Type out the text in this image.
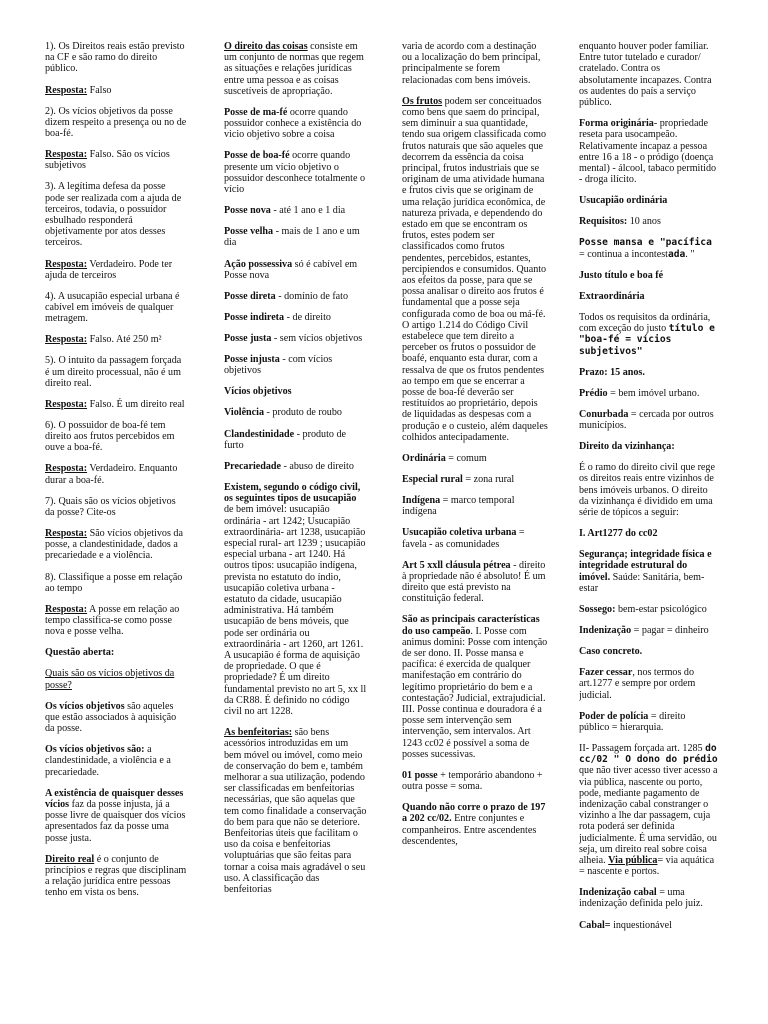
1). Os Direitos reais estão previsto na CF e são ramo do direito público.
Resposta: Falso
2). Os vícios objetivos da posse dizem respeito a presença ou no de boa-fé.
Resposta: Falso. São os vícios subjetivos
3). A legítima defesa da posse pode ser realizada com a ajuda de terceiros, todavia, o possuidor esbulhado responderá objetivamente por atos desses terceiros.
Resposta: Verdadeiro. Pode ter ajuda de terceiros
4). A usucapião especial urbana é cabível em imóveis de qualquer metragem.
Resposta: Falso. Até 250 m²
5). O intuito da passagem forçada é um direito processual, não é um direito real.
Resposta: Falso. É um direito real
6). O possuidor de boa-fé tem direito aos frutos percebidos em ouve a boa-fé.
Resposta: Verdadeiro. Enquanto durar a boa-fé.
7). Quais são os vícios objetivos da posse? Cite-os
Resposta: São vícios objetivos da posse, a clandestinidade, dados a precariedade e a violência.
8). Classifique a posse em relação ao tempo
Resposta: A posse em relação ao tempo classifica-se como posse nova e posse velha.
Questão aberta:
Quais são os vícios objetivos da posse?
Os vícios objetivos são aqueles que estão associados à aquisição da posse.
Os vícios objetivos são: a clandestinidade, a violência e a precariedade.
A existência de quaisquer desses vícios faz da posse injusta, já a posse livre de quaisquer dos vícios apresentados faz da posse uma posse justa.
Direito real é o conjunto de princípios e regras que disciplinam a relação jurídica entre pessoas tenho em vista os bens.
O direito das coisas consiste em um conjunto de normas que regem as situações e relações jurídicas entre uma pessoa e as coisas suscetíveis de apropriação.
Posse de ma-fé ocorre quando possuidor conhece a existência do vicio objetivo sobre a coisa
Posse de boa-fé ocorre quando presente um vício objetivo o possuidor desconhece totalmente o vício
Posse nova - até 1 ano e 1 dia
Posse velha - mais de 1 ano e um dia
Ação possessiva só é cabível em Posse nova
Posse direta - domínio de fato
Posse indireta - de direito
Posse justa - sem vícios objetivos
Posse injusta - com vícios objetivos
Vícios objetivos
Violência - produto de roubo
Clandestinidade - produto de furto
Precariedade - abuso de direito
Existem, segundo o código civil, os seguintes tipos de usucapião de bem imóvel: usucapião ordinária - art 1242; Usucapião extraordinária- art 1238, usucapião especial rural- art 1239 ; usucapião especial urbana - art 1240. Há outros tipos: usucapião indígena, prevista no estatuto do índio, usucapião coletiva urbana - estatuto da cidade, usucapião administrativa. Há também usucapião de bens móveis, que pode ser ordinária ou extraordinária - art 1260, art 1261. A usucapião é forma de aquisição de propriedade. O que é propriedade? É um direito fundamental previsto no art 5, xx ll da CR88. É definido no código civil no art 1228.
As benfeitorias: são bens acessórios introduzidas em um bem móvel ou imóvel, como meio de conservação do bem e, também melhorar a sua utilização, podendo ser classificadas em benfeitorias necessárias, que são aquelas que tem como finalidade a conservação do bem para que não se deteriore. Benfeitorias úteis que facilitam o uso da coisa e benfeitorias voluptuárias que são feitas para tornar a coisa mais agradável o seu uso. A classificação das benfeitorias
varia de acordo com a destinação ou a localização do bem principal, principalmente se forem relacionadas com bens imóveis.
Os frutos podem ser conceituados como bens que saem do principal, sem diminuir a sua quantidade, tendo sua origem classificada como frutos naturais que são aqueles que decorrem da essência da coisa principal, frutos industriais que se originam de uma atividade humana e frutos civis que se originam de uma relação jurídica econômica, de natureza privada, e dependendo do estado em que se encontram os frutos, estes podem ser classificados como frutos pendentes, percebidos, estantes, percipiendos e consumidos. Quanto aos efeitos da posse, para que se possa analisar o direito aos frutos é fundamental que a posse seja configurada como de boa ou má-fé. O artigo 1.214 do Código Civil estabelece que tem direito a perceber os frutos o possuidor de boafé, enquanto esta durar, com a ressalva de que os frutos pendentes ao tempo em que se encerrar a posse de boa-fé deverão ser restituídos ao proprietário, depois de liquidadas as despesas com a produção e o custeio, além daqueles colhidos antecipadamente.
Ordinária = comum
Especial rural = zona rural
Indígena = marco temporal indígena
Usucapião coletiva urbana = favela - as comunidades
Art 5 xxll cláusula pétrea - direito à propriedade não é absoluto! É um direito que está previsto na constituição federal.
São as principais características do uso campeão. I. Posse com animus domini: Posse com intenção de ser dono. II. Posse mansa e pacífica: é exercida de qualquer manifestação em contrário do legítimo proprietário do bem e a contestação? Judicial, extrajudicial. III. Posse continua e douradora é a posse sem intervenção sem intervenção, sem intervalos. Art 1243 cc02 é possível a soma de posses sucessivas.
01 posse + temporário abandono + outra posse = soma.
Quando não corre o prazo de 197 a 202 cc/02. Entre conjuntes e companheiros. Entre ascendentes descendentes,
enquanto houver poder familiar. Entre tutor tutelado e curador/ cratelado. Contra os absolutamente incapazes. Contra os audentes do país a serviço público.
Forma originária- propriedade reseta para usocampeão. Relativamente incapaz a pessoa entre 16 a 18 - o pródigo (doença mental) - álcool, tabaco permitido - droga ilícito.
Usucapião ordinária
Requisitos: 10 anos
Posse mansa e "pacífica = continua a incontestada. "
Justo título e boa fé
Extraordinária
Todos os requisitos da ordinária, com exceção do justo título e "boa-fé = vícios subjetivos"
Prazo: 15 anos.
Prédio = bem imóvel urbano.
Conurbada = cercada por outros municípios.
Direito da vizinhança:
É o ramo do direito civil que rege os direitos reais entre vizinhos de bens imóveis urbanos. O direito da vizinhança é dividido em uma série de tópicos a seguir:
I. Art1277 do cc02
Segurança; integridade física e integridade estrutural do imóvel. Saúde: Sanitária, bem-estar
Sossego: bem-estar psicológico
Indenização = pagar = dinheiro
Caso concreto.
Fazer cessar, nos termos do art.1277 e sempre por ordem judicial.
Poder de polícia = direito público = hierarquia.
II- Passagem forçada art. 1285 do cc/02 " O dono do prédio que não tiver acesso tiver acesso a via pública, nascente ou porto, pode, mediante pagamento de indenização cabal constranger o vizinho a lhe dar passagem, cuja rota poderá ser definida judicialmente. É uma servidão, ou seja, um direito real sobre coisa alheia. Via pública= via aquática = nascente e portos.
Indenização cabal = uma indenização definida pelo juiz.
Cabal= inquestionável
